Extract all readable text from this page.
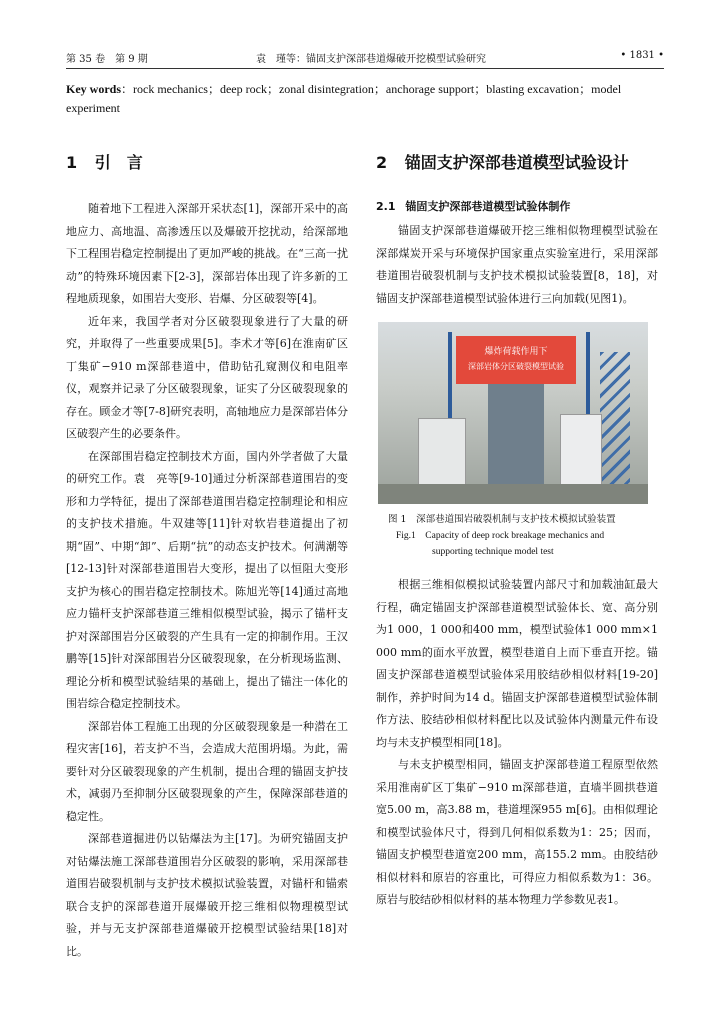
第 35 卷　第 9 期	袁　瑾等：锚固支护深部巷道爆破开挖模型试验研究	• 1831 •
Key words：rock mechanics；deep rock；zonal disintegration；anchorage support；blasting excavation；model experiment
1 引　言

随着地下工程进入深部开采状态[1]，深部开采中的高地应力、高地温、高渗透压以及爆破开挖扰动，给深部地下工程围岩稳定控制提出了更加严峻的挑战。在“三高一扰动”的特殊环境因素下[2-3]，深部岩体出现了许多新的工程地质现象，如围岩大变形、岩爆、分区破裂等[4]。

近年来，我国学者对分区破裂现象进行了大量的研究，并取得了一些重要成果[5]。李术才等[6]在淮南矿区丁集矿−910 m深部巷道中，借助钻孔窥测仪和电阻率仪，观察并记录了分区破裂现象，证实了分区破裂现象的存在。顾金才等[7-8]研究表明，高轴地应力是深部岩体分区破裂产生的必要条件。

在深部围岩稳定控制技术方面，国内外学者做了大量的研究工作。袁　亮等[9-10]通过分析深部巷道围岩的变形和力学特征，提出了深部巷道围岩稳定控制理论和相应的支护技术措施。牛双建等[11]针对软岩巷道提出了初期“固”、中期“卸”、后期“抗”的动态支护技术。何满潮等[12-13]针对深部巷道围岩大变形，提出了以恒阻大变形支护为核心的围岩稳定控制技术。陈旭光等[14]通过高地应力锚杆支护深部巷道三维相似模型试验，揭示了锚杆支护对深部围岩分区破裂的产生具有一定的抑制作用。王汉鹏等[15]针对深部围岩分区破裂现象，在分析现场监测、理论分析和模型试验结果的基础上，提出了锚注一体化的围岩综合稳定控制技术。

深部岩体工程施工出现的分区破裂现象是一种潜在工程灾害[16]，若支护不当，会造成大范围坍塌。为此，需要针对分区破裂现象的产生机制，提出合理的锚固支护技术，减弱乃至抑制分区破裂现象的产生，保障深部巷道的稳定性。

深部巷道掘进仍以钻爆法为主[17]。为研究锚固支护对钻爆法施工深部巷道围岩分区破裂的影响，采用深部巷道围岩破裂机制与支护技术模拟试验装置，对锚杆和锚索联合支护的深部巷道开展爆破开挖三维相似物理模型试验，并与无支护深部巷道爆破开挖模型试验结果[18]对比。

2 锚固支护深部巷道模型试验设计
2.1 锚固支护深部巷道模型试验体制作

锚固支护深部巷道爆破开挖三维相似物理模型试验在深部煤炭开采与环境保护国家重点实验室进行，采用深部巷道围岩破裂机制与支护技术模拟试验装置[8，18]，对锚固支护深部巷道模型试验体进行三向加载(见图1)。

爆炸荷载作用下
深部岩体分区破裂模型试验
图 1　深部巷道围岩破裂机制与支护技术模拟试验装置
Fig.1　Capacity of deep rock breakage mechanics and
supporting technique model test

根据三维相似模拟试验装置内部尺寸和加载油缸最大行程，确定锚固支护深部巷道模型试验体长、宽、高分别为1 000，1 000和400 mm，模型试验体1 000 mm×1 000 mm的面水平放置，模型巷道自上而下垂直开挖。锚固支护深部巷道模型试验体采用胶结砂相似材料[19-20]制作，养护时间为14 d。锚固支护深部巷道模型试验体制作方法、胶结砂相似材料配比以及试验体内测量元件布设均与未支护模型相同[18]。

与未支护模型相同，锚固支护深部巷道工程原型依然采用淮南矿区丁集矿−910 m深部巷道，直墙半圆拱巷道宽5.00 m，高3.88 m，巷道埋深955 m[6]。由相似理论和模型试验体尺寸，得到几何相似系数为1：25；因而，锚固支护模型巷道宽200 mm，高155.2 mm。由胶结砂相似材料和原岩的容重比，可得应力相似系数为1：36。原岩与胶结砂相似材料的基本物理力学参数见表1。
